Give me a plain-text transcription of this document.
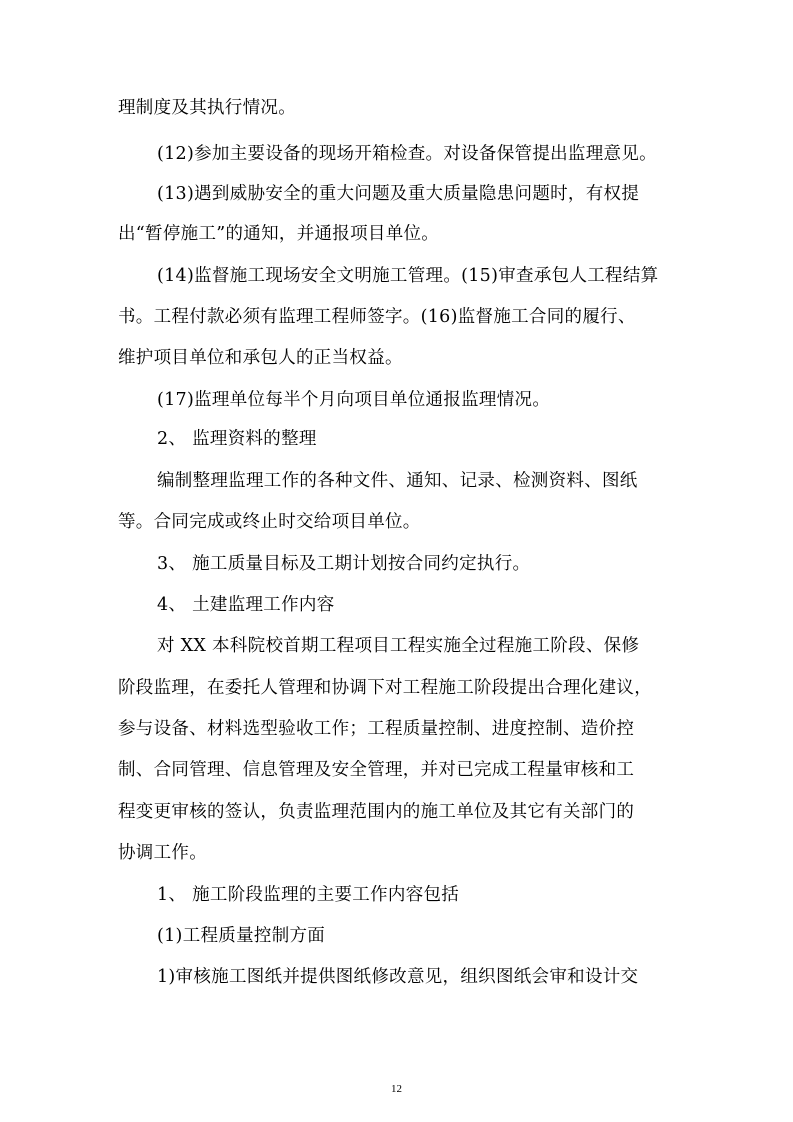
理制度及其执行情况。
(12)参加主要设备的现场开箱检查。对设备保管提出监理意见。
(13)遇到威胁安全的重大问题及重大质量隐患问题时，有权提
出“暂停施工”的通知，并通报项目单位。
(14)监督施工现场安全文明施工管理。(15)审查承包人工程结算
书。工程付款必须有监理工程师签字。(16)监督施工合同的履行、
维护项目单位和承包人的正当权益。
(17)监理单位每半个月向项目单位通报监理情况。
2、 监理资料的整理
编制整理监理工作的各种文件、通知、记录、检测资料、图纸
等。合同完成或终止时交给项目单位。
3、 施工质量目标及工期计划按合同约定执行。
4、 土建监理工作内容
对 XX 本科院校首期工程项目工程实施全过程施工阶段、保修
阶段监理，在委托人管理和协调下对工程施工阶段提出合理化建议，
参与设备、材料选型验收工作；工程质量控制、进度控制、造价控
制、合同管理、信息管理及安全管理，并对已完成工程量审核和工
程变更审核的签认，负责监理范围内的施工单位及其它有关部门的
协调工作。
1、 施工阶段监理的主要工作内容包括
(1)工程质量控制方面
1)审核施工图纸并提供图纸修改意见，组织图纸会审和设计交
12
